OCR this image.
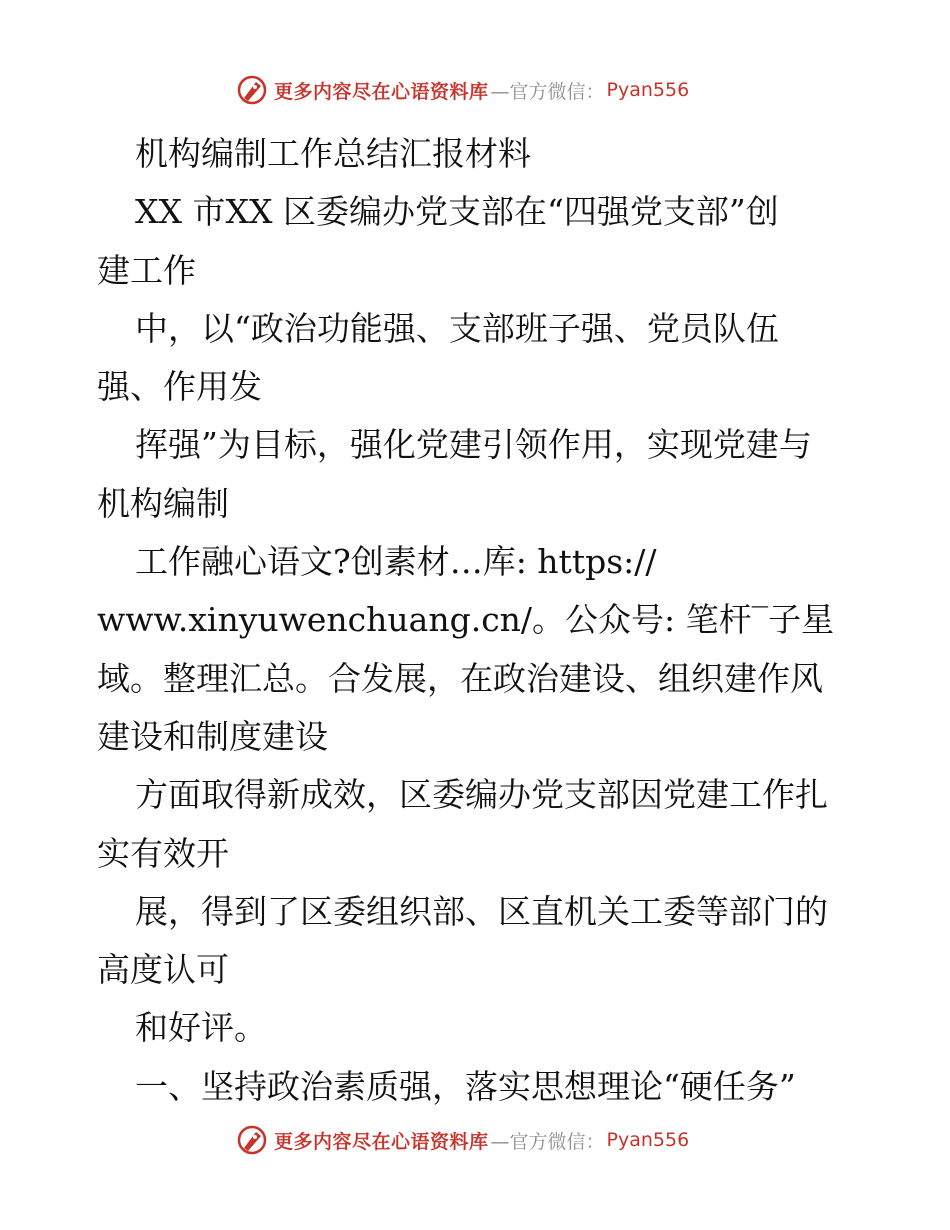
更多内容尽在心语资料库 —官方微信： Pyan556
机构编制工作总结汇报材料
XX 市XX 区委编办党支部在“四强党支部”创
建工作
中，以“政治功能强、支部班子强、党员队伍
强、作用发
挥强”为目标，强化党建引领作用，实现党建与
机构编制
工作融心语文?创素材…库: https://
www.xinyuwenchuang.cn/。公众号: 笔杆‾子星
域。整理汇总。合发展，在政治建设、组织建作风
建设和制度建设
方面取得新成效，区委编办党支部因党建工作扎
实有效开
展，得到了区委组织部、区直机关工委等部门的
高度认可
和好评。
一、坚持政治素质强，落实思想理论“硬任务”
更多内容尽在心语资料库 —官方微信： Pyan556
